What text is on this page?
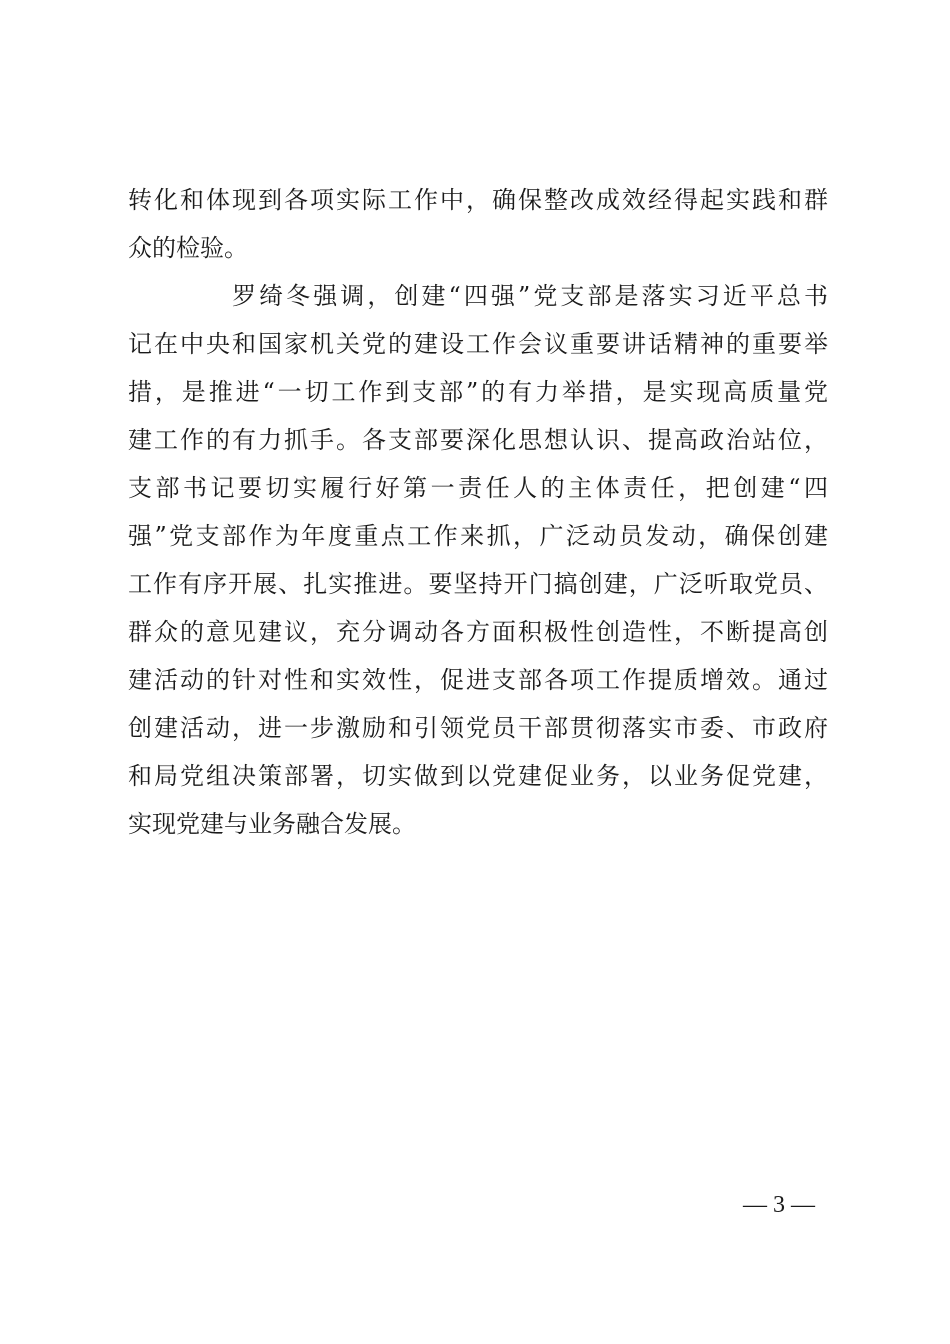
转化和体现到各项实际工作中，确保整改成效经得起实践和群
众的检验。
罗绮冬强调，创建“四强”党支部是落实习近平总书
记在中央和国家机关党的建设工作会议重要讲话精神的重要举
措，是推进“一切工作到支部”的有力举措，是实现高质量党
建工作的有力抓手。各支部要深化思想认识、提高政治站位，
支部书记要切实履行好第一责任人的主体责任，把创建“四
强”党支部作为年度重点工作来抓，广泛动员发动，确保创建
工作有序开展、扎实推进。要坚持开门搞创建，广泛听取党员、
群众的意见建议，充分调动各方面积极性创造性，不断提高创
建活动的针对性和实效性，促进支部各项工作提质增效。通过
创建活动，进一步激励和引领党员干部贯彻落实市委、市政府
和局党组决策部署，切实做到以党建促业务，以业务促党建，
实现党建与业务融合发展。
— 3 —
